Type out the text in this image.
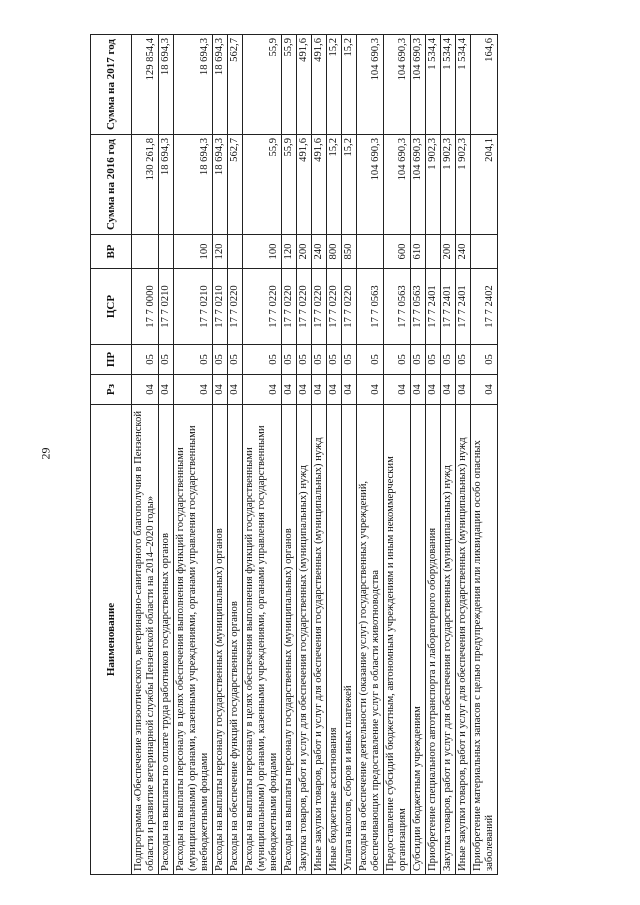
29
Наименование	Рз	ПР	ЦСР	ВР	Сумма на 2016 год	Сумма на 2017 год
Подпрограмма «Обеспечение эпизоотического, ветеринарно-санитарного благополучия в Пензенской области и развитие ветеринарной службы Пензенской области на 2014–2020 годы»	04	05	17 7 0000		130 261,8	129 854,4
Расходы на выплаты по оплате труда работников государственных органов	04	05	17 7 0210		18 694,3	18 694,3
Расходы на выплаты персоналу в целях обеспечения выполнения функций государственными (муниципальными) органами, казенными учреждениями, органами управления государственными внебюджетными фондами	04	05	17 7 0210	100	18 694,3	18 694,3
Расходы на выплаты персоналу государственных (муниципальных) органов	04	05	17 7 0210	120	18 694,3	18 694,3
Расходы на обеспечение функций государственных органов	04	05	17 7 0220		562,7	562,7
Расходы на выплаты персоналу в целях обеспечения выполнения функций государственными (муниципальными) органами, казенными учреждениями, органами управления государственными внебюджетными фондами	04	05	17 7 0220	100	55,9	55,9
Расходы на выплаты персоналу государственных (муниципальных) органов	04	05	17 7 0220	120	55,9	55,9
Закупка товаров, работ и услуг для обеспечения государственных (муниципальных) нужд	04	05	17 7 0220	200	491,6	491,6
Иные закупки товаров, работ и услуг для обеспечения государственных (муниципальных) нужд	04	05	17 7 0220	240	491,6	491,6
Иные бюджетные ассигнования	04	05	17 7 0220	800	15,2	15,2
Уплата налогов, сборов и иных платежей	04	05	17 7 0220	850	15,2	15,2
Расходы на обеспечение деятельности (оказание услуг) государственных учреждений, обеспечивающих предоставление услуг в области животноводства	04	05	17 7 0563		104 690,3	104 690,3
Предоставление субсидий бюджетным, автономным учреждениям и иным некоммерческим организациям	04	05	17 7 0563	600	104 690,3	104 690,3
Субсидии бюджетным учреждениям	04	05	17 7 0563	610	104 690,3	104 690,3
Приобретение специального автотранспорта и лабораторного оборудования	04	05	17 7 2401		1 902,3	1 534,4
Закупка товаров, работ и услуг для обеспечения государственных (муниципальных) нужд	04	05	17 7 2401	200	1 902,3	1 534,4
Иные закупки товаров, работ и услуг для обеспечения государственных (муниципальных) нужд	04	05	17 7 2401	240	1 902,3	1 534,4
Приобретение материальных запасов с целью предупреждения или ликвидации особо опасных заболеваний	04	05	17 7 2402		204,1	164,6
